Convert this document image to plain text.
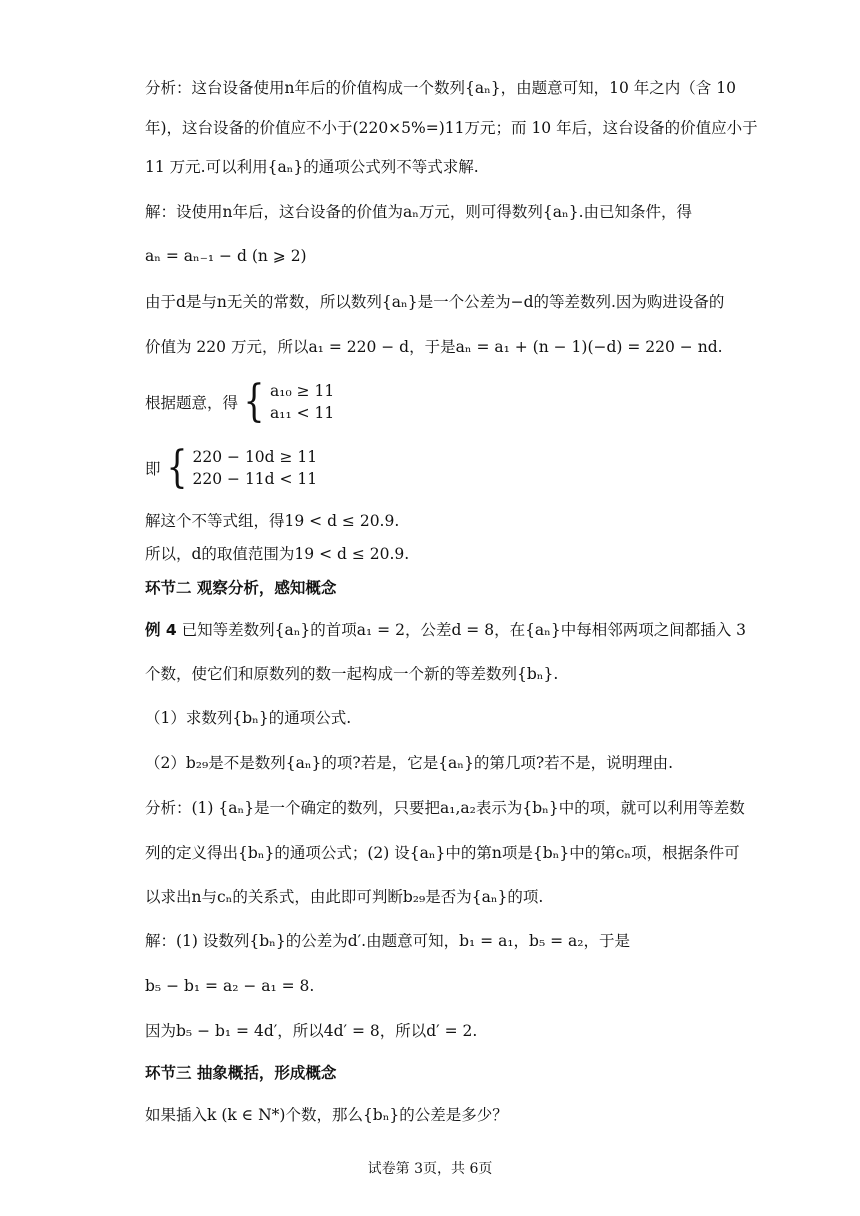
分析：这台设备使用n年后的价值构成一个数列{aₙ}，由题意可知，10 年之内（含 10
年)，这台设备的价值应不小于(220×5%=)11万元；而 10 年后，这台设备的价值应小于
11 万元.可以利用{aₙ}的通项公式列不等式求解.
解：设使用n年后，这台设备的价值为aₙ万元，则可得数列{aₙ}.由已知条件，得
aₙ = aₙ₋₁ − d (n ⩾ 2)
由于d是与n无关的常数，所以数列{aₙ}是一个公差为−d的等差数列.因为购进设备的
价值为 220 万元，所以a₁ = 220 − d，于是aₙ = a₁ + (n − 1)(−d) = 220 − nd.
根据题意，得 { a₁₀ ≥ 11
a₁₁ < 11
即 { 220 − 10d ≥ 11
220 − 11d < 11
解这个不等式组，得19 < d ≤ 20.9.
所以，d的取值范围为19 < d ≤ 20.9.
环节二 观察分析，感知概念
例 4 已知等差数列{aₙ}的首项a₁ = 2，公差d = 8，在{aₙ}中每相邻两项之间都插入 3
个数，使它们和原数列的数一起构成一个新的等差数列{bₙ}.
（1）求数列{bₙ}的通项公式.
（2）b₂₉是不是数列{aₙ}的项?若是，它是{aₙ}的第几项?若不是，说明理由.
分析：(1) {aₙ}是一个确定的数列，只要把a₁,a₂表示为{bₙ}中的项，就可以利用等差数
列的定义得出{bₙ}的通项公式；(2) 设{aₙ}中的第n项是{bₙ}中的第cₙ项，根据条件可
以求出n与cₙ的关系式，由此即可判断b₂₉是否为{aₙ}的项.
解：(1) 设数列{bₙ}的公差为d′.由题意可知，b₁ = a₁，b₅ = a₂，于是
b₅ − b₁ = a₂ − a₁ = 8.
因为b₅ − b₁ = 4d′，所以4d′ = 8，所以d′ = 2.
环节三 抽象概括，形成概念
如果插入k (k ∈ N*)个数，那么{bₙ}的公差是多少？
试卷第 3页，共 6页
